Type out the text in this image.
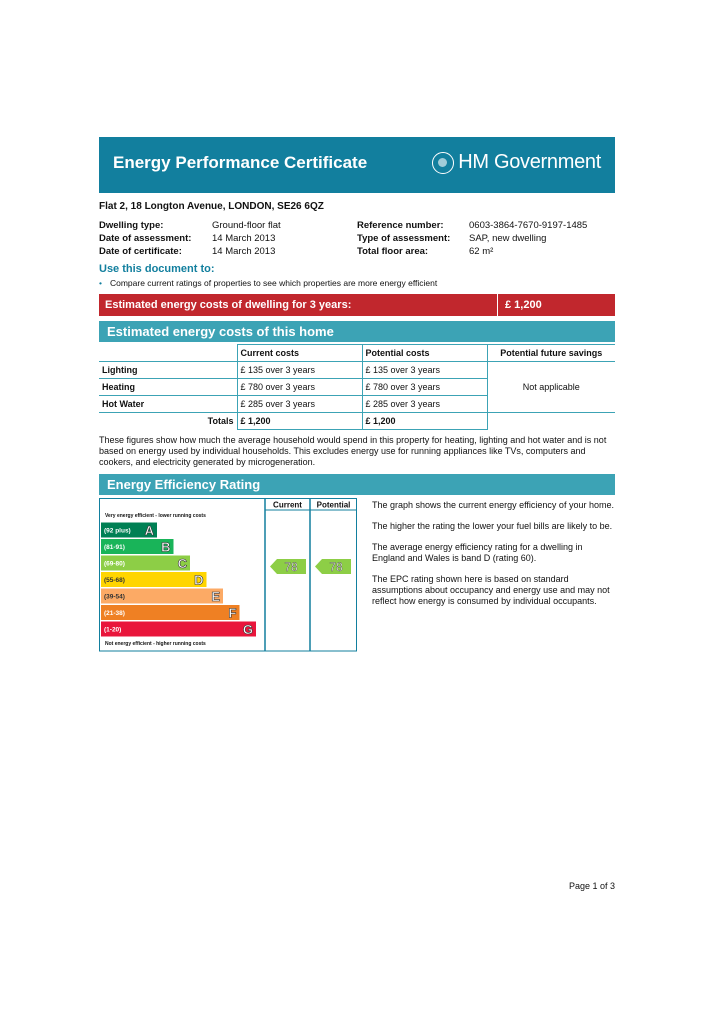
Energy Performance Certificate	HM Government
Flat 2, 18 Longton Avenue, LONDON, SE26 6QZ
Dwelling type:	Ground-floor flat
Date of assessment: 14 March 2013
Date of certificate:	14 March 2013
Reference number:	0603-3864-7670-9197-1485
Type of assessment: SAP, new dwelling
Total floor area:	62 m²
Use this document to:
• Compare current ratings of properties to see which properties are more energy efficient
Estimated energy costs of dwelling for 3 years:	£ 1,200
Estimated energy costs of this home
	Current costs	Potential costs	Potential future savings
Lighting	£ 135 over 3 years	£ 135 over 3 years	Not applicable
Heating	£ 780 over 3 years	£ 780 over 3 years	
Hot Water	£ 285 over 3 years	£ 285 over 3 years	
Totals	£ 1,200	£ 1,200	
These figures show how much the average household would spend in this property for heating, lighting and hot water and is not based on energy used by individual households. This excludes energy use for running appliances like TVs, computers and cookers, and electricity generated by microgeneration.
Energy Efficiency Rating
Current Potential
Very energy efficient - lower running costs
Not energy efficient - higher running costs
(92 plus) A
(81-91)	B
(69-80)	C
(55-68)	D
(39-54)	E
(21-38)	F
(1-20)	G
78	78

The graph shows the current energy efficiency of your home.

The higher the rating the lower your fuel bills are likely to be.

The average energy efficiency rating for a dwelling in England and Wales is band D (rating 60).

The EPC rating shown here is based on standard assumptions about occupancy and energy use and may not reflect how energy is consumed by individual occupants.

Page 1 of 3
